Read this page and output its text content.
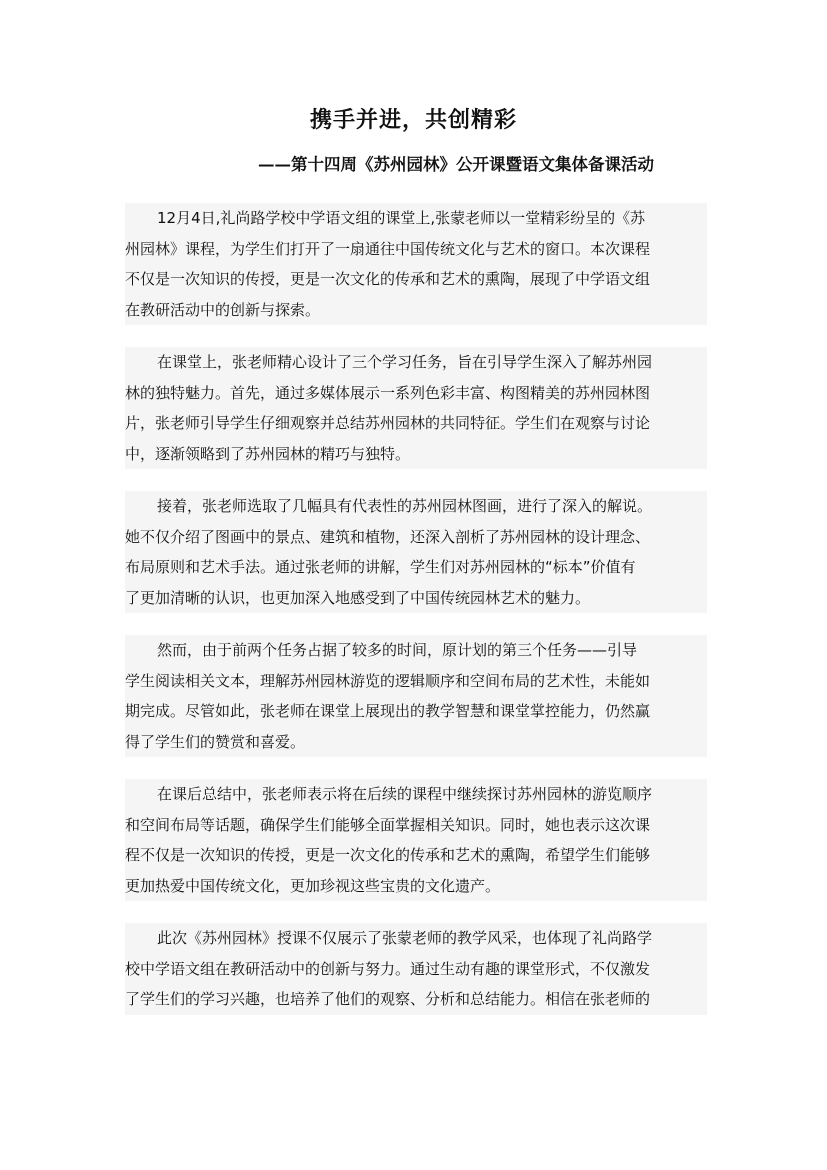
携手并进，共创精彩
——第十四周《苏州园林》公开课暨语文集体备课活动
12月4日,礼尚路学校中学语文组的课堂上,张蒙老师以一堂精彩纷呈的《苏
州园林》课程，为学生们打开了一扇通往中国传统文化与艺术的窗口。本次课程
不仅是一次知识的传授，更是一次文化的传承和艺术的熏陶，展现了中学语文组
在教研活动中的创新与探索。
在课堂上，张老师精心设计了三个学习任务，旨在引导学生深入了解苏州园
林的独特魅力。首先，通过多媒体展示一系列色彩丰富、构图精美的苏州园林图
片，张老师引导学生仔细观察并总结苏州园林的共同特征。学生们在观察与讨论
中，逐渐领略到了苏州园林的精巧与独特。
接着，张老师选取了几幅具有代表性的苏州园林图画，进行了深入的解说。
她不仅介绍了图画中的景点、建筑和植物，还深入剖析了苏州园林的设计理念、
布局原则和艺术手法。通过张老师的讲解，学生们对苏州园林的“标本”价值有
了更加清晰的认识，也更加深入地感受到了中国传统园林艺术的魅力。
然而，由于前两个任务占据了较多的时间，原计划的第三个任务——引导
学生阅读相关文本，理解苏州园林游览的逻辑顺序和空间布局的艺术性，未能如
期完成。尽管如此，张老师在课堂上展现出的教学智慧和课堂掌控能力，仍然赢
得了学生们的赞赏和喜爱。
在课后总结中，张老师表示将在后续的课程中继续探讨苏州园林的游览顺序
和空间布局等话题，确保学生们能够全面掌握相关知识。同时，她也表示这次课
程不仅是一次知识的传授，更是一次文化的传承和艺术的熏陶，希望学生们能够
更加热爱中国传统文化，更加珍视这些宝贵的文化遗产。
此次《苏州园林》授课不仅展示了张蒙老师的教学风采，也体现了礼尚路学
校中学语文组在教研活动中的创新与努力。通过生动有趣的课堂形式，不仅激发
了学生们的学习兴趣，也培养了他们的观察、分析和总结能力。相信在张老师的
